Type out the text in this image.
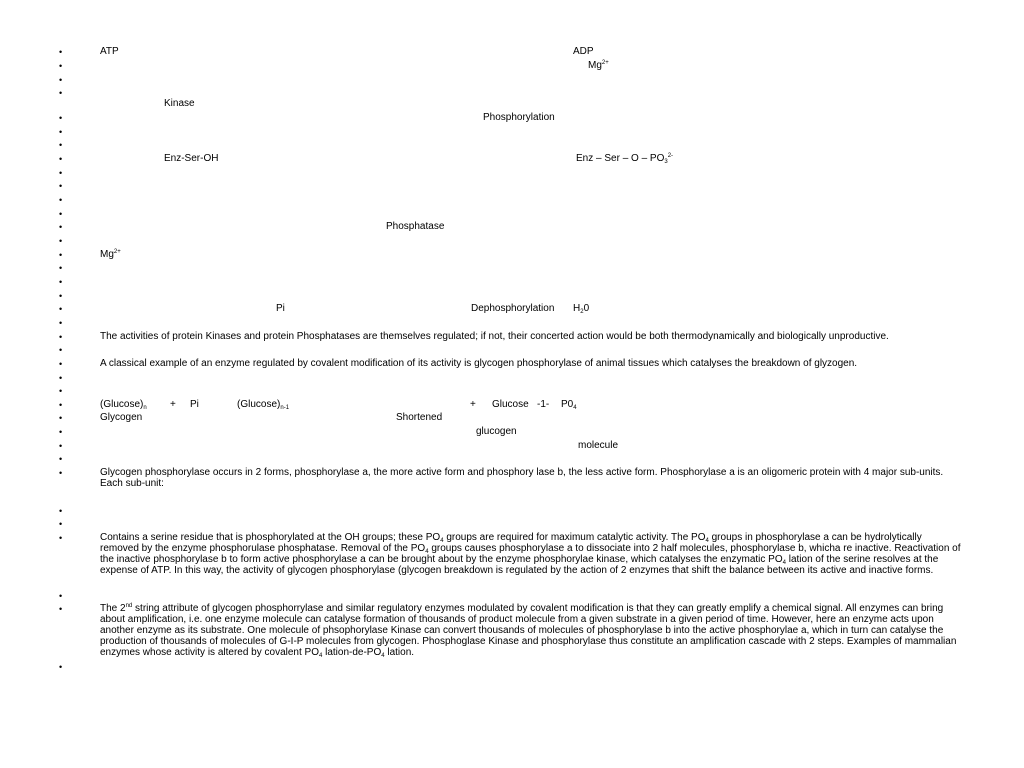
•
•
•
•
•
•
•
•
•
•
•
•
•
•
•
•
•
•
•
•
•
•
•
•
•
•
•
•
•
•
•
•
•
•
•
•
•
ATP	ADP
$Mg^{2+}$
Kinase
Phosphorylation
Enz-Ser-OH	Enz – Ser – O – $PO_3^{2-}$
Phosphatase
$Mg^{2+}$
Pi	Dephosphorylation $H_20$
The activities of protein Kinases and protein Phosphatases are themselves regulated; if not, their concerted action would be both thermodynamically and biologically unproductive.
A classical example of an enzyme regulated by covalent modification of its activity is glycogen phosphorylase of animal tissues which catalyses the breakdown of glyzogen.
$(Glucose)_n + Pi$	$(Glucose)_{n-1}$	+ Glucose   -1- $P0_4$
Glycogen	Shortened
glucogen
molecule
Glycogen phosphorylase occurs in 2 forms, phosphorylase a, the more active form and phosphory lase b, the less active form. Phosphorylase a is an oligomeric protein with 4 major sub-units. Each sub-unit:
Contains a serine residue that is phosphorylated at the OH groups; these $PO_4$ groups are required for maximum catalytic activity. The $PO_4$ groups in phosphorylase a can be hydrolytically removed by the enzyme phosphorulase phosphatase. Removal of the $PO_4$ groups causes phosphorylase a to dissociate into 2 half molecules, phosphorylase b, whicha re inactive. Reactivation of the inactive phosphorylase b to form active phosphorylase a can be brought about by the enzyme phosphorylae kinase, which catalyses the enzymatic $PO_4$ lation of the serine resolves at the expense of ATP. In this way, the activity of glycogen phosphorylase (glycogen breakdown is regulated by the action of 2 enzymes that shift the balance between its active and inactive forms.
The 2nd string attribute of glycogen phosphorrylase and similar regulatory enzymes modulated by covalent modification is that they can greatly emplify a chemical signal. All enzymes can bring about amplification, i.e. one enzyme molecule can catalyse formation of thousands of product molecule from a given substrate in a given period of time. However, here an enzyme acts upon another enzyme as its substrate. One molecule of phsophorylase Kinase can convert thousands of molecules of phosphorylase b into the active phosphorylae a, which in turn can catalyse the production of thousands of molecules of G-I-P molecules from glycogen. Phosphoglase Kinase and phosphorylase thus constitute an amplification cascade with 2 steps. Examples of mammalian enzymes whose activity is altered by covalent $PO_4$ lation-$de-PO_4$ lation.
